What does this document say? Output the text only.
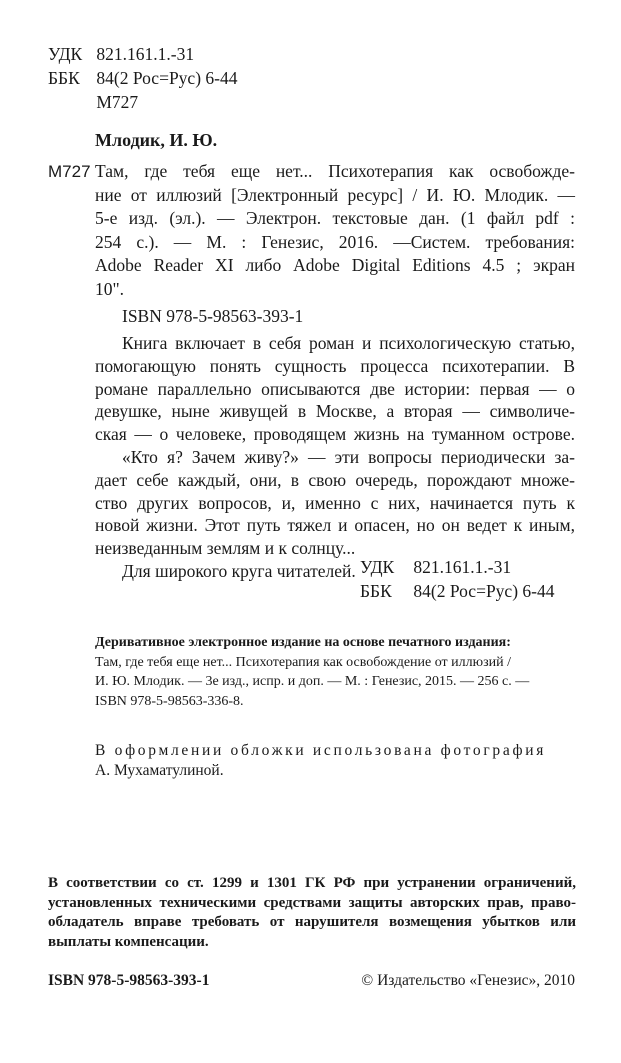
УДК 821.161.1.-31
ББК 84(2 Рос=Рус) 6-44
М727
Млодик, И. Ю.
М727 Там, где тебя еще нет... Психотерапия как освобожде-
ние от иллюзий [Электронный ресурс] / И. Ю. Млодик. —
5-е изд. (эл.). — Электрон. текстовые дан. (1 файл pdf :
254 с.). — М. : Генезис, 2016. —Систем. требования:
Adobe Reader XI либо Adobe Digital Editions 4.5 ; экран
10".
ISBN 978-5-98563-393-1
Книга включает в себя роман и психологическую статью,
помогающую понять сущность процесса психотерапии. В
романе параллельно описываются две истории: первая — о
девушке, ныне живущей в Москве, а вторая — символиче-
ская — о человеке, проводящем жизнь на туманном острове.
«Кто я? Зачем живу?» — эти вопросы периодически за-
дает себе каждый, они, в свою очередь, порождают множе-
ство других вопросов, и, именно с них, начинается путь к
новой жизни. Этот путь тяжел и опасен, но он ведет к иным,
неизведанным землям и к солнцу...
Для широкого круга читателей. УДК 821.161.1.-31
ББК 84(2 Рос=Рус) 6-44
Деривативное электронное издание на основе печатного издания:
Там, где тебя еще нет... Психотерапия как освобождение от иллюзий /
И. Ю. Млодик. — 3е изд., испр. и доп. — М. : Генезис, 2015. — 256 с. —
ISBN 978-5-98563-336-8.
В оформлении обложки использована фотография
А. Мухаматулиной.
В соответствии со ст. 1299 и 1301 ГК РФ при устранении ограничений,
установленных техническими средствами защиты авторских прав, право-
обладатель вправе требовать от нарушителя возмещения убытков или
выплаты компенсации.
ISBN 978-5-98563-393-1	© Издательство «Генезис», 2010
